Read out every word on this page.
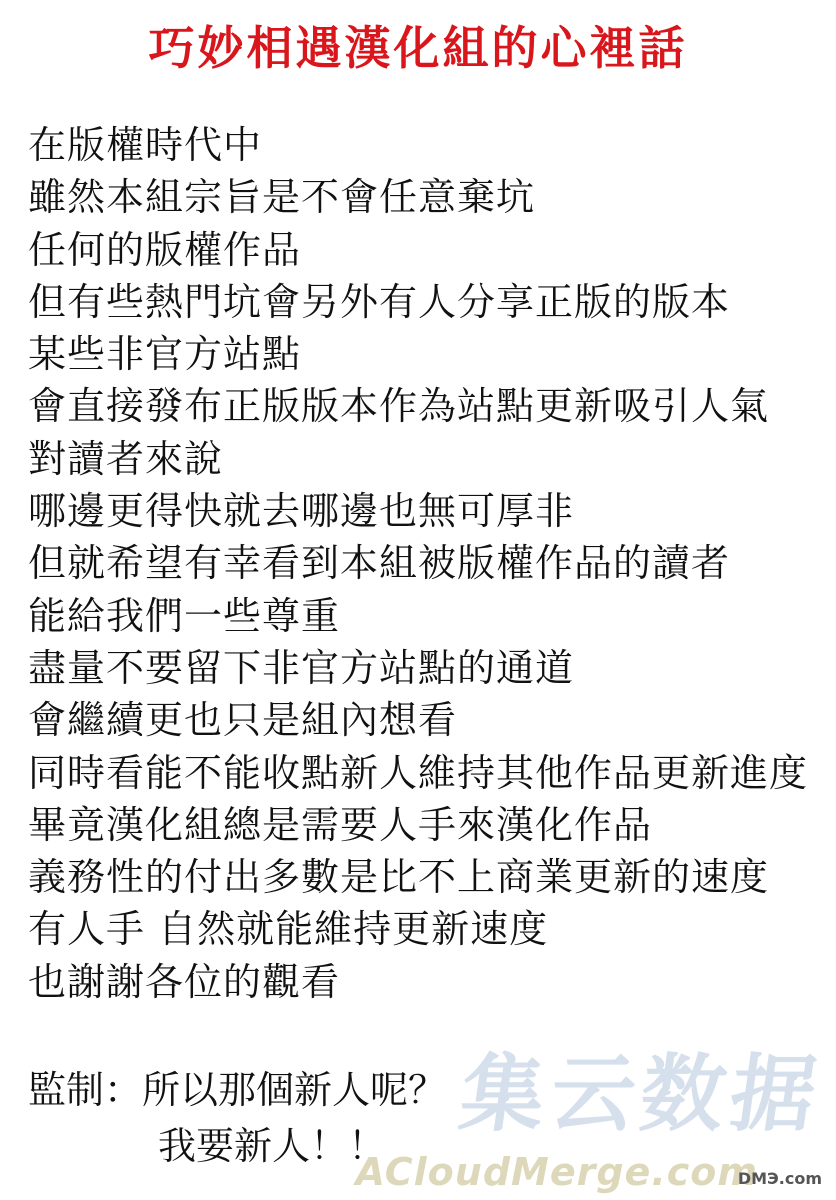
巧妙相遇漢化組的心裡話
在版權時代中
雖然本組宗旨是不會任意棄坑
任何的版權作品
但有些熱門坑會另外有人分享正版的版本
某些非官方站點
會直接發布正版版本作為站點更新吸引人氣
對讀者來說
哪邊更得快就去哪邊也無可厚非
但就希望有幸看到本組被版權作品的讀者
能給我們一些尊重
盡量不要留下非官方站點的通道
會繼續更也只是組內想看
同時看能不能收點新人維持其他作品更新進度
畢竟漢化組總是需要人手來漢化作品
義務性的付出多數是比不上商業更新的速度
有人手 自然就能維持更新速度
也謝謝各位的觀看
監制：所以那個新人呢？
我要新人！！
集云数据
ACloudMerge.com
DMЭ.com
